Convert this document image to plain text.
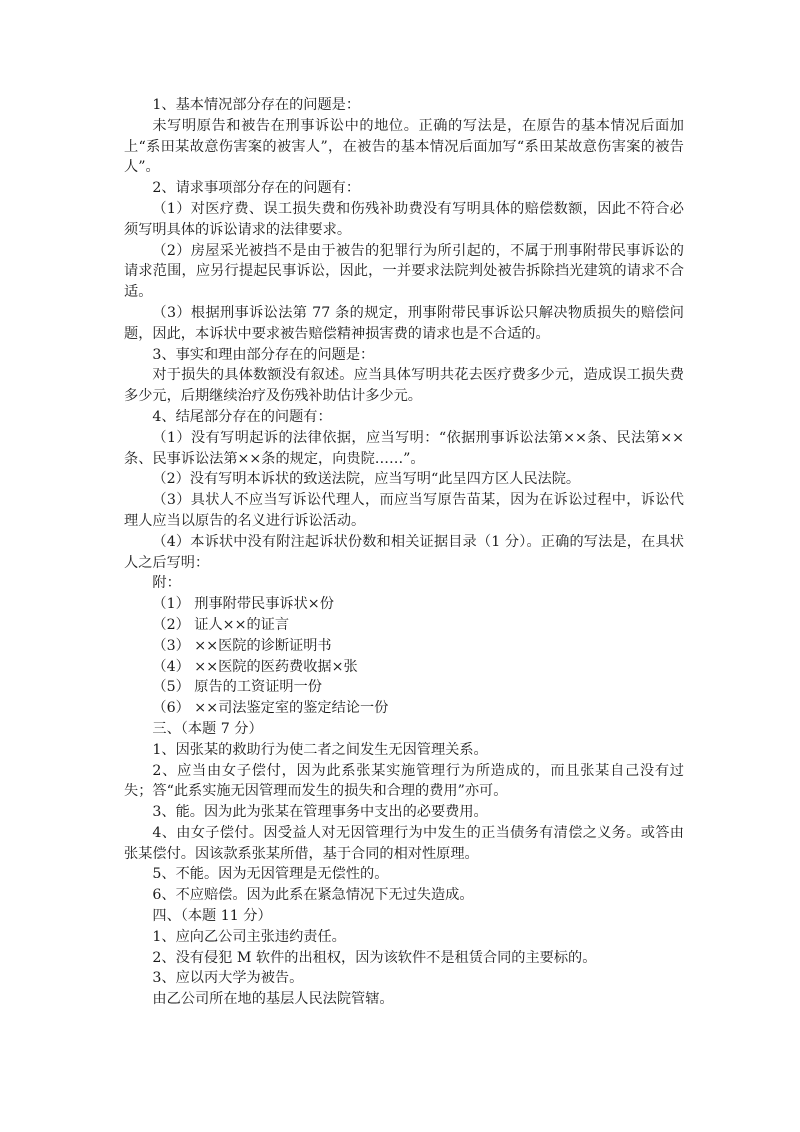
1、基本情况部分存在的问题是：

未写明原告和被告在刑事诉讼中的地位。正确的写法是，在原告的基本情况后面加上“系田某故意伤害案的被害人”，在被告的基本情况后面加写“系田某故意伤害案的被告人”。

2、请求事项部分存在的问题有：

（1）对医疗费、误工损失费和伤残补助费没有写明具体的赔偿数额，因此不符合必须写明具体的诉讼请求的法律要求。

（2）房屋采光被挡不是由于被告的犯罪行为所引起的，不属于刑事附带民事诉讼的请求范围，应另行提起民事诉讼，因此，一并要求法院判处被告拆除挡光建筑的请求不合适。

（3）根据刑事诉讼法第 77 条的规定，刑事附带民事诉讼只解决物质损失的赔偿问题，因此，本诉状中要求被告赔偿精神损害费的请求也是不合适的。

3、事实和理由部分存在的问题是：

对于损失的具体数额没有叙述。应当具体写明共花去医疗费多少元，造成误工损失费多少元，后期继续治疗及伤残补助估计多少元。

4、结尾部分存在的问题有：

（1）没有写明起诉的法律依据，应当写明：“依据刑事诉讼法第××条、民法第××条、民事诉讼法第××条的规定，向贵院……”。

（2）没有写明本诉状的致送法院，应当写明“此呈四方区人民法院。

（3）具状人不应当写诉讼代理人，而应当写原告苗某，因为在诉讼过程中，诉讼代理人应当以原告的名义进行诉讼活动。

（4）本诉状中没有附注起诉状份数和相关证据目录（1 分）。正确的写法是，在具状人之后写明：

附：

（1） 刑事附带民事诉状×份
（2） 证人××的证言
（3） ××医院的诊断证明书
（4） ××医院的医药费收据×张
（5） 原告的工资证明一份
（6） ××司法鉴定室的鉴定结论一份

三、（本题 7 分）

1、因张某的救助行为使二者之间发生无因管理关系。

2、应当由女子偿付，因为此系张某实施管理行为所造成的，而且张某自己没有过失；答“此系实施无因管理而发生的损失和合理的费用”亦可。

3、能。因为此为张某在管理事务中支出的必要费用。

4、由女子偿付。因受益人对无因管理行为中发生的正当债务有清偿之义务。或答由张某偿付。因该款系张某所借，基于合同的相对性原理。

5、不能。因为无因管理是无偿性的。

6、不应赔偿。因为此系在紧急情况下无过失造成。

四、（本题 11 分）

1、应向乙公司主张违约责任。

2、没有侵犯 M 软件的出租权，因为该软件不是租赁合同的主要标的。

3、应以丙大学为被告。

由乙公司所在地的基层人民法院管辖。
